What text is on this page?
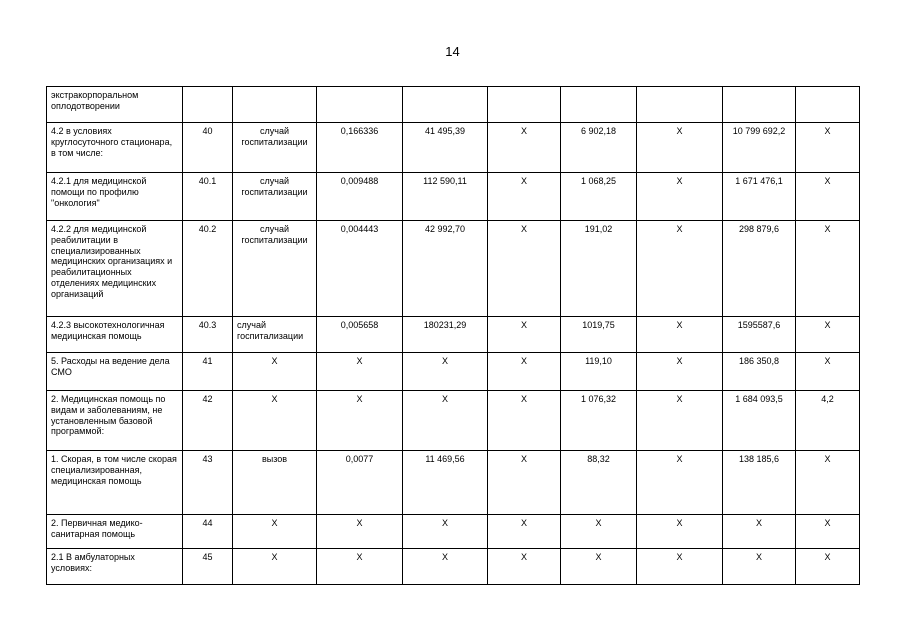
14
экстракорпоральном оплодотворении									
4.2 в условиях круглосуточного стационара, в том числе:	40	случай госпитализации	0,166336	41 495,39	X	6 902,18	X	10 799 692,2	X
4.2.1 для медицинской помощи по профилю "онкология"	40.1	случай госпитализации	0,009488	112 590,11	X	1 068,25	X	1 671 476,1	X
4.2.2 для медицинской реабилитации в специализированных медицинских организациях и реабилитационных отделениях медицинских организаций	40.2	случай госпитализации	0,004443	42 992,70	X	191,02	X	298 879,6	X
4.2.3 высокотехнологичная медицинская помощь	40.3	случай госпитализации	0,005658	180231,29	X	1019,75	X	1595587,6	X
5. Расходы на ведение дела СМО	41	X	X	X	X	119,10	X	186 350,8	X
2. Медицинская помощь по видам и заболеваниям, не установленным базовой программой:	42	X	X	X	X	1 076,32	X	1 684 093,5	4,2
1. Скорая, в том числе скорая специализированная, медицинская помощь	43	вызов	0,0077	11 469,56	X	88,32	X	138 185,6	X
2. Первичная медико-санитарная помощь	44	X	X	X	X	X	X	X	X
2.1 В амбулаторных условиях:	45	X	X	X	X	X	X	X	X
